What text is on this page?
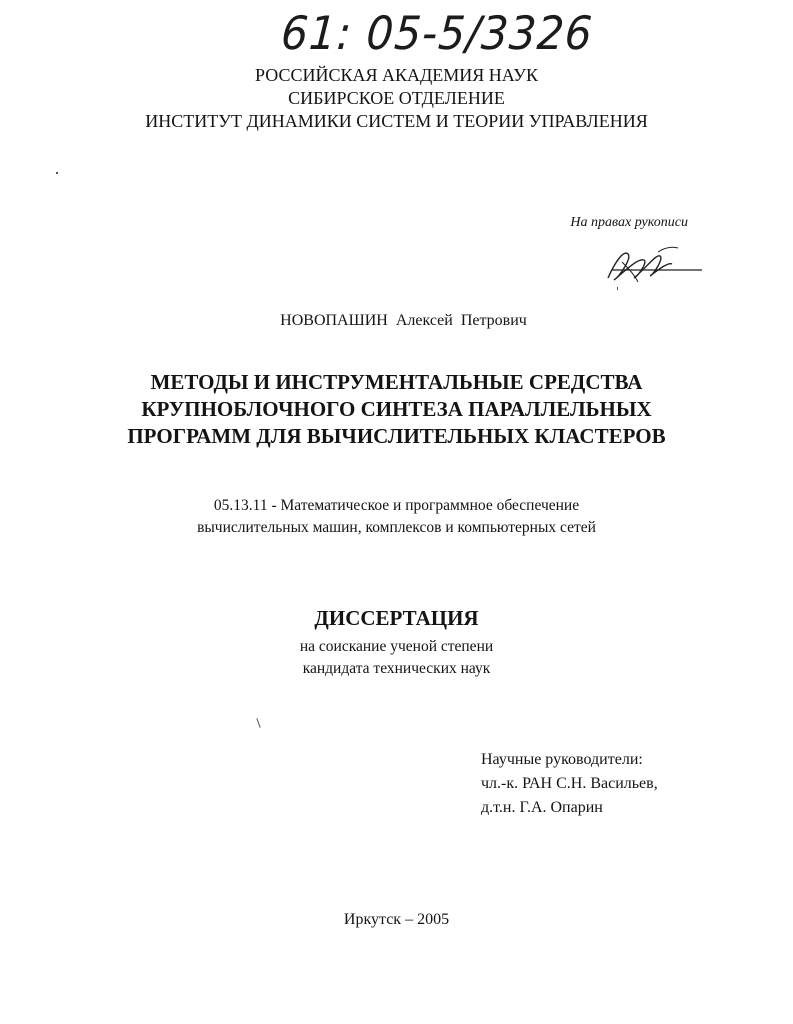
61: 05-5/3326
РОССИЙСКАЯ АКАДЕМИЯ НАУК
СИБИРСКОЕ ОТДЕЛЕНИЕ
ИНСТИТУТ ДИНАМИКИ СИСТЕМ И ТЕОРИИ УПРАВЛЕНИЯ
На правах рукописи
НОВОПАШИН Алексей Петрович
МЕТОДЫ И ИНСТРУМЕНТАЛЬНЫЕ СРЕДСТВА
КРУПНОБЛОЧНОГО СИНТЕЗА ПАРАЛЛЕЛЬНЫХ
ПРОГРАММ ДЛЯ ВЫЧИСЛИТЕЛЬНЫХ КЛАСТЕРОВ
05.13.11 - Математическое и программное обеспечение
вычислительных машин, комплексов и компьютерных сетей
ДИССЕРТАЦИЯ
на соискание ученой степени
кандидата технических наук
Научные руководители:
чл.-к. РАН С.Н. Васильев,
д.т.н. Г.А. Опарин
Иркутск – 2005
